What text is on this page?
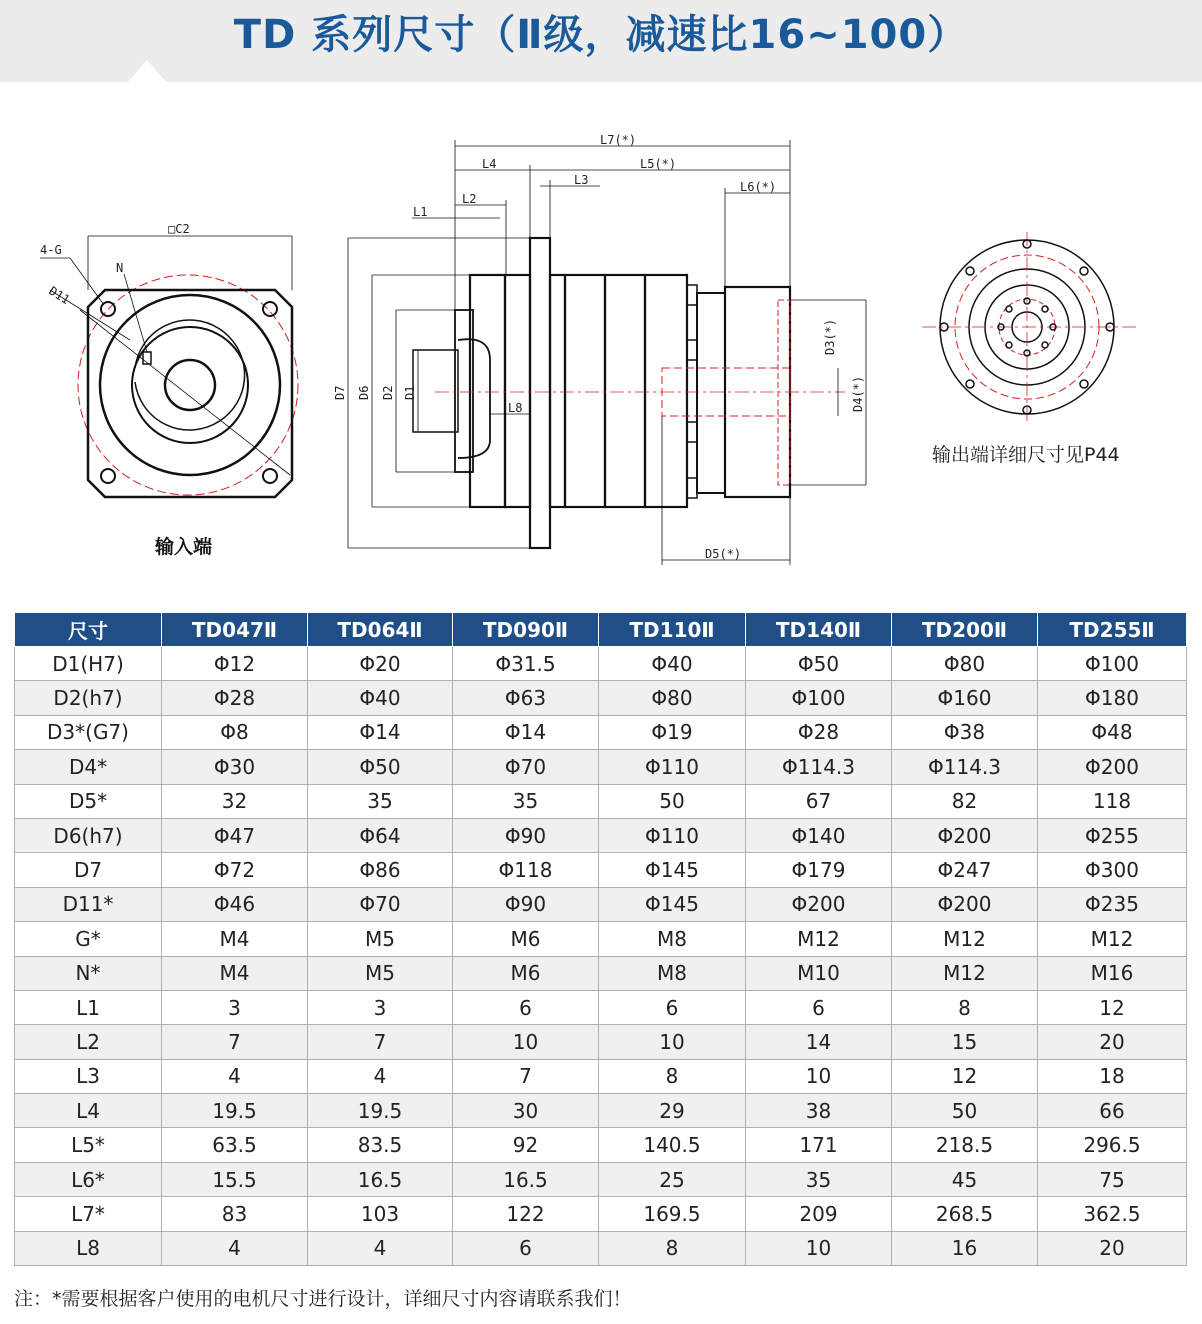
TD 系列尺寸（Ⅱ级，减速比16~100）
□C2
4-G
N
D11
L7(*)
L4	L5(*)
L3	L6(*)
L2
L1
L8
D7 D6 D2 D1
D3(*)
D4(*)
D5(*)
输入端
输出端详细尺寸见P44
尺寸	TD047Ⅱ	TD064Ⅱ	TD090Ⅱ	TD110Ⅱ	TD140Ⅱ	TD200Ⅱ	TD255Ⅱ
D1(H7)	Φ12	Φ20	Φ31.5	Φ40	Φ50	Φ80	Φ100
D2(h7)	Φ28	Φ40	Φ63	Φ80	Φ100	Φ160	Φ180
D3*(G7)	Φ8	Φ14	Φ14	Φ19	Φ28	Φ38	Φ48
D4*	Φ30	Φ50	Φ70	Φ110	Φ114.3	Φ114.3	Φ200
D5*	32	35	35	50	67	82	118
D6(h7)	Φ47	Φ64	Φ90	Φ110	Φ140	Φ200	Φ255
D7	Φ72	Φ86	Φ118	Φ145	Φ179	Φ247	Φ300
D11*	Φ46	Φ70	Φ90	Φ145	Φ200	Φ200	Φ235
G*	M4	M5	M6	M8	M12	M12	M12
N*	M4	M5	M6	M8	M10	M12	M16
L1	3	3	6	6	6	8	12
L2	7	7	10	10	14	15	20
L3	4	4	7	8	10	12	18
L4	19.5	19.5	30	29	38	50	66
L5*	63.5	83.5	92	140.5	171	218.5	296.5
L6*	15.5	16.5	16.5	25	35	45	75
L7*	83	103	122	169.5	209	268.5	362.5
L8	4	4	6	8	10	16	20
注：*需要根据客户使用的电机尺寸进行设计，详细尺寸内容请联系我们！
